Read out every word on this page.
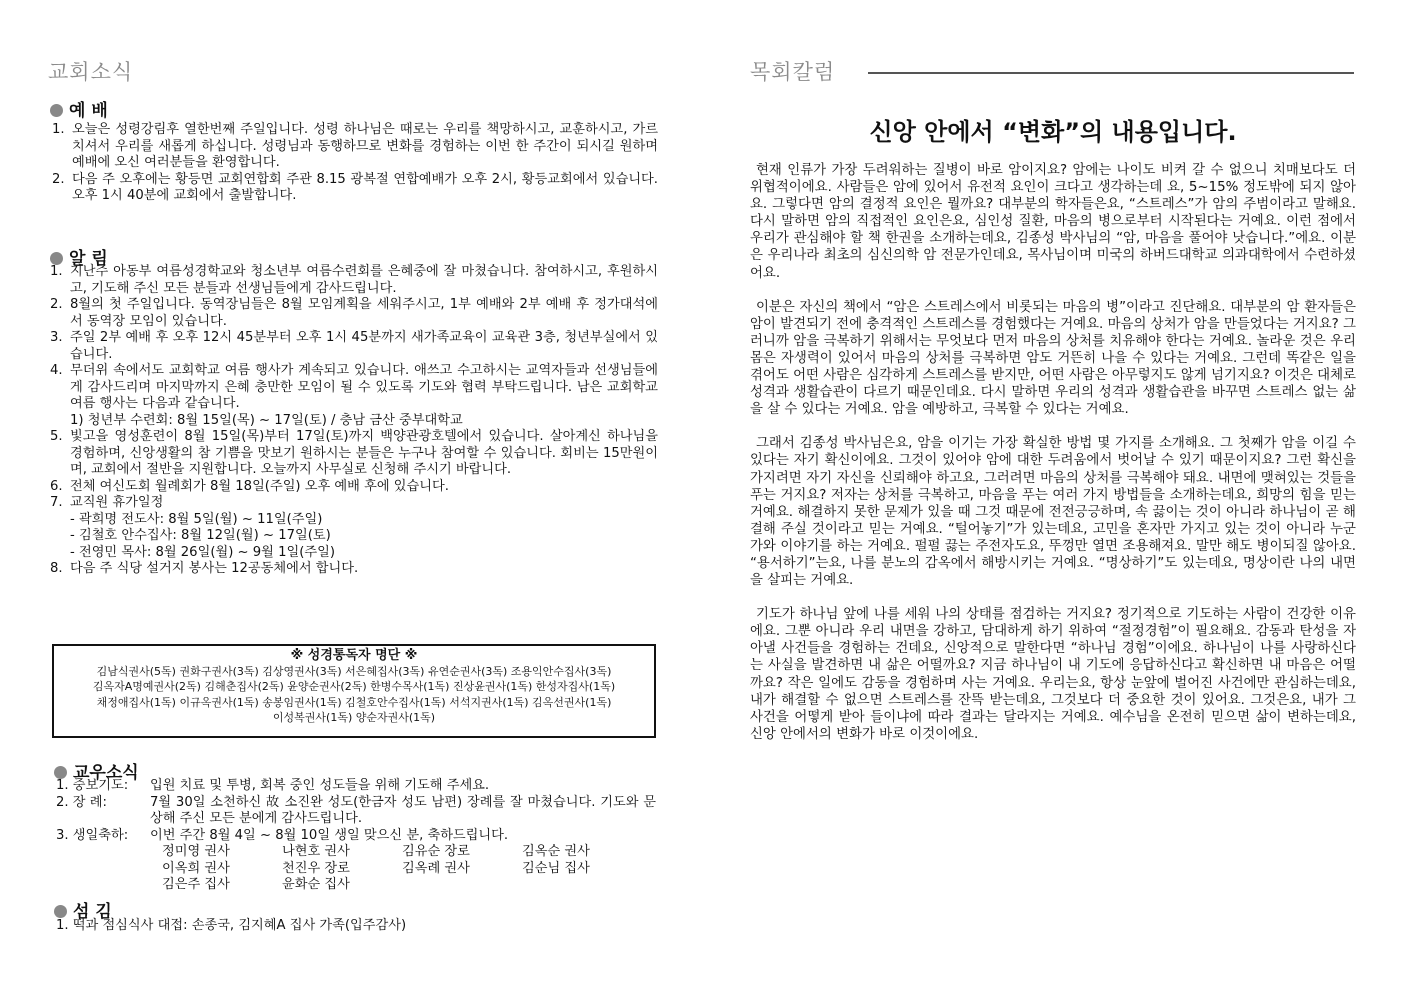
교회소식
예 배
1. 오늘은 성령강림후 열한번째 주일입니다. 성령 하나님은 때로는 우리를 책망하시고, 교훈하시고, 가르치셔서 우리를 새롭게 하십니다. 성령님과 동행하므로 변화를 경험하는 이번 한 주간이 되시길 원하며 예배에 오신 여러분들을 환영합니다.
2. 다음 주 오후에는 황등면 교회연합회 주관 8.15 광복절 연합예배가 오후 2시, 황등교회에서 있습니다. 오후 1시 40분에 교회에서 출발합니다.
알 림
1. 지난주 아동부 여름성경학교와 청소년부 여름수련회를 은혜중에 잘 마쳤습니다. 참여하시고, 후원하시고, 기도해 주신 모든 분들과 선생님들에게 감사드립니다.
2. 8월의 첫 주일입니다. 동역장님들은 8월 모임계획을 세워주시고, 1부 예배와 2부 예배 후 정가대석에서 동역장 모임이 있습니다.
3. 주일 2부 예배 후 오후 12시 45분부터 오후 1시 45분까지 새가족교육이 교육관 3층, 청년부실에서 있습니다.
4. 무더위 속에서도 교회학교 여름 행사가 계속되고 있습니다. 애쓰고 수고하시는 교역자들과 선생님들에게 감사드리며 마지막까지 은혜 충만한 모임이 될 수 있도록 기도와 협력 부탁드립니다. 남은 교회학교 여름 행사는 다음과 같습니다.
1) 청년부 수련회: 8월 15일(목) ~ 17일(토) / 충남 금산 중부대학교
5. 빛고을 영성훈련이 8월 15일(목)부터 17일(토)까지 백양관광호텔에서 있습니다. 살아계신 하나님을 경험하며, 신앙생활의 참 기쁨을 맛보기 원하시는 분들은 누구나 참여할 수 있습니다. 회비는 15만원이며, 교회에서 절반을 지원합니다. 오늘까지 사무실로 신청해 주시기 바랍니다.
6. 전체 여신도회 월례회가 8월 18일(주일) 오후 예배 후에 있습니다.
7. 교직원 휴가일정
- 곽희명 전도사: 8월 5일(월) ~ 11일(주일)
- 김철호 안수집사: 8월 12일(월) ~ 17일(토)
- 전영민 목사: 8월 26일(월) ~ 9월 1일(주일)
8. 다음 주 식당 설거지 봉사는 12공동체에서 합니다.
※ 성경통독자 명단 ※
김남식권사(5독) 권화구권사(3독) 김상영권사(3독) 서은혜집사(3독) 유연순권사(3독) 조용익안수집사(3독)
김옥자A명예권사(2독) 김해춘집사(2독) 윤양순권사(2독) 한병수목사(1독) 진상윤권사(1독) 한성자집사(1독)
채정애집사(1독) 이규옥권사(1독) 송봉임권사(1독) 김철호안수집사(1독) 서석지권사(1독) 김옥선권사(1독)
이성복권사(1독) 양순자권사(1독)
교우소식
1. 중보기도:	입원 치료 및 투병, 회복 중인 성도들을 위해 기도해 주세요.
2. 장 례:	7월 30일 소천하신 故 소진완 성도(한금자 성도 남편) 장례를 잘 마쳤습니다. 기도와 문상해 주신 모든 분에게 감사드립니다.
3. 생일축하:	이번 주간 8월 4일 ~ 8월 10일 생일 맞으신 분, 축하드립니다.
정미영 권사	나현호 권사	김유순 장로	김옥순 권사
이옥희 권사	천진우 장로	김옥례 권사	김순님 집사
김은주 집사	윤화순 집사
섬 김
1. 떡과 점심식사 대접: 손종국, 김지혜A 집사 가족(입주감사)
목회칼럼
신앙 안에서 “변화”의 내용입니다.

현재 인류가 가장 두려워하는 질병이 바로 암이지요? 암에는 나이도 비켜 갈 수 없으니 치매보다도 더 위협적이에요. 사람들은 암에 있어서 유전적 요인이 크다고 생각하는데 요, 5~15% 정도밖에 되지 않아요. 그렇다면 암의 결정적 요인은 뭘까요? 대부분의 학자들은요, “스트레스”가 암의 주범이라고 말해요. 다시 말하면 암의 직접적인 요인은요, 심인성 질환, 마음의 병으로부터 시작된다는 거예요. 이런 점에서 우리가 관심해야 할 책 한권을 소개하는데요, 김종성 박사님의 “암, 마음을 풀어야 낫습니다.”에요. 이분은 우리나라 최초의 심신의학 암 전문가인데요, 목사님이며 미국의 하버드대학교 의과대학에서 수련하셨어요.

이분은 자신의 책에서 “암은 스트레스에서 비롯되는 마음의 병”이라고 진단해요. 대부분의 암 환자들은 암이 발견되기 전에 충격적인 스트레스를 경험했다는 거예요. 마음의 상처가 암을 만들었다는 거지요? 그러니까 암을 극복하기 위해서는 무엇보다 먼저 마음의 상처를 치유해야 한다는 거예요. 놀라운 것은 우리 몸은 자생력이 있어서 마음의 상처를 극복하면 암도 거뜬히 나을 수 있다는 거예요. 그런데 똑같은 일을 겪어도 어떤 사람은 심각하게 스트레스를 받지만, 어떤 사람은 아무렇지도 않게 넘기지요? 이것은 대체로 성격과 생활습관이 다르기 때문인데요. 다시 말하면 우리의 성격과 생활습관을 바꾸면 스트레스 없는 삶을 살 수 있다는 거예요. 암을 예방하고, 극복할 수 있다는 거예요.

그래서 김종성 박사님은요, 암을 이기는 가장 확실한 방법 몇 가지를 소개해요. 그 첫째가 암을 이길 수 있다는 자기 확신이에요. 그것이 있어야 암에 대한 두려움에서 벗어날 수 있기 때문이지요? 그런 확신을 가지려면 자기 자신을 신뢰해야 하고요, 그러려면 마음의 상처를 극복해야 돼요. 내면에 맺혀있는 것들을 푸는 거지요? 저자는 상처를 극복하고, 마음을 푸는 여러 가지 방법들을 소개하는데요, 희망의 힘을 믿는 거예요. 해결하지 못한 문제가 있을 때 그것 때문에 전전긍긍하며, 속 끓이는 것이 아니라 하나님이 곧 해결해 주실 것이라고 믿는 거예요. “털어놓기”가 있는데요, 고민을 혼자만 가지고 있는 것이 아니라 누군가와 이야기를 하는 거예요. 펄펄 끓는 주전자도요, 뚜껑만 열면 조용해져요. 말만 해도 병이되질 않아요. “용서하기”는요, 나를 분노의 감옥에서 해방시키는 거예요. “명상하기”도 있는데요, 명상이란 나의 내면을 살피는 거예요.

기도가 하나님 앞에 나를 세워 나의 상태를 점검하는 거지요? 정기적으로 기도하는 사람이 건강한 이유에요. 그뿐 아니라 우리 내면을 강하고, 담대하게 하기 위하여 “절정경험”이 필요해요. 감동과 탄성을 자아낼 사건들을 경험하는 건데요, 신앙적으로 말한다면 “하나님 경험”이에요. 하나님이 나를 사랑하신다는 사실을 발견하면 내 삶은 어떨까요? 지금 하나님이 내 기도에 응답하신다고 확신하면 내 마음은 어떨까요? 작은 일에도 감동을 경험하며 사는 거예요. 우리는요, 항상 눈앞에 벌어진 사건에만 관심하는데요, 내가 해결할 수 없으면 스트레스를 잔뜩 받는데요, 그것보다 더 중요한 것이 있어요. 그것은요, 내가 그 사건을 어떻게 받아 들이냐에 따라 결과는 달라지는 거예요. 예수님을 온전히 믿으면 삶이 변하는데요, 신앙 안에서의 변화가 바로 이것이에요.
